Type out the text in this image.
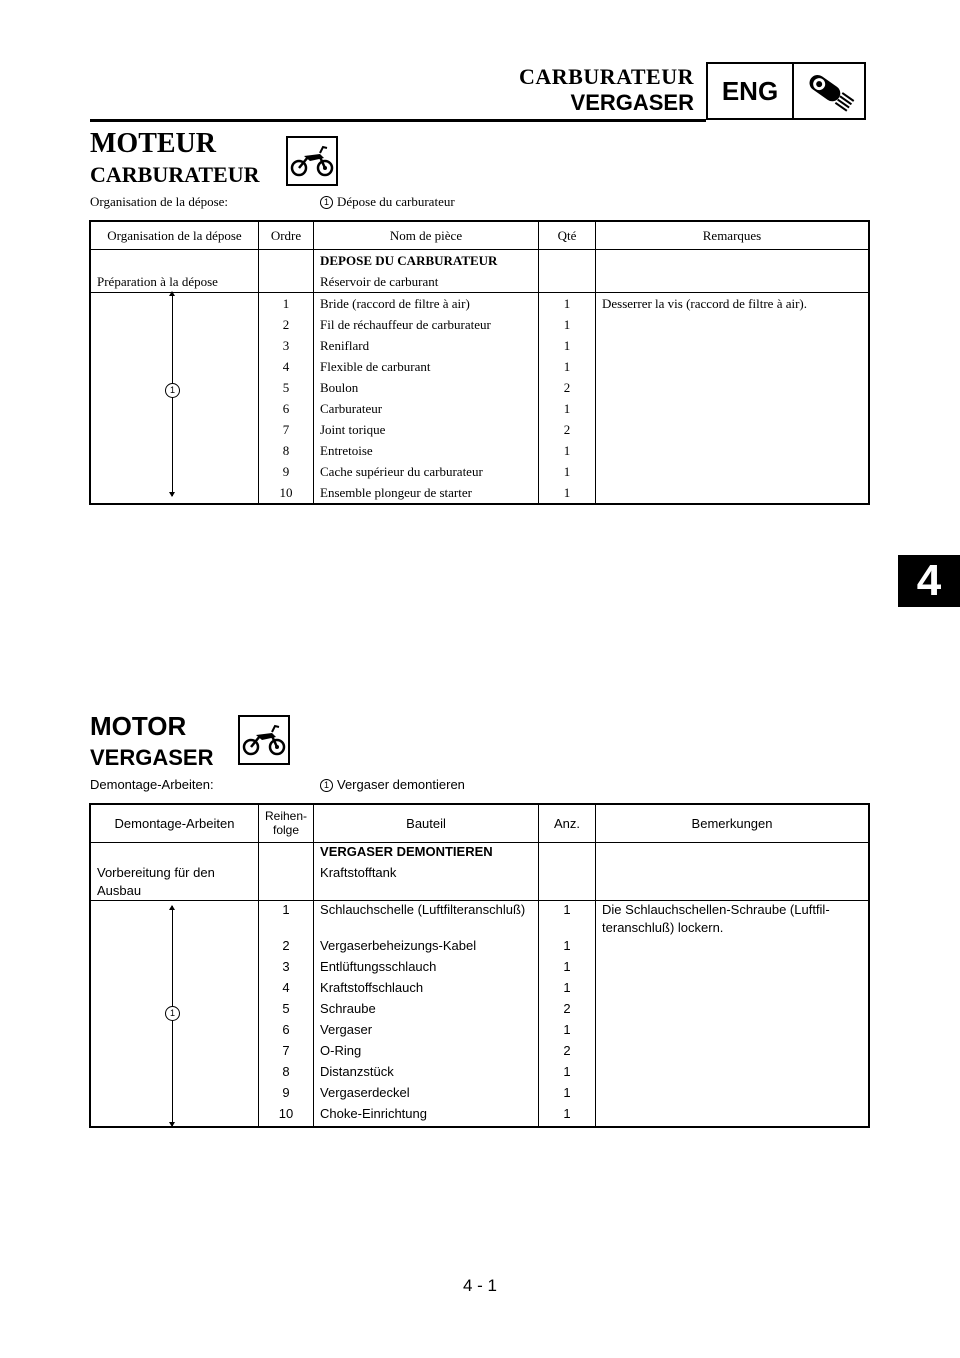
CARBURATEUR
VERGASER	ENG
4
MOTEUR
CARBURATEUR
Organisation de la dépose:	1 Dépose du carburateur
Organisation de la dépose	Ordre	Nom de pièce	Qté	Remarques
		DEPOSE DU CARBURATEUR		
Préparation à la dépose		Réservoir de carburant		
	1	Bride (raccord de filtre à air)	1	Desserrer la vis (raccord de filtre à air).
	2	Fil de réchauffeur de carburateur	1	
	3	Reniflard	1	
	4	Flexible de carburant	1	
	5	Boulon	2	
	6	Carburateur	1	
	7	Joint torique	2	
	8	Entretoise	1	
	9	Cache supérieur du carburateur	1	
	10	Ensemble plongeur de starter	1	
1
MOTOR
VERGASER
Demontage-Arbeiten:	1 Vergaser demontieren
Demontage-Arbeiten	Reihen-folge	Bauteil	Anz.	Bemerkungen
		VERGASER DEMONTIEREN		
Vorbereitung für den Ausbau		Kraftstofftank		
	1	Schlauchschelle (Luftfilteranschluß)	1	Die Schlauchschellen-Schraube (Luftfil-teranschluß) lockern.
	2	Vergaserbeheizungs-Kabel	1	
	3	Entlüftungsschlauch	1	
	4	Kraftstoffschlauch	1	
	5	Schraube	2	
	6	Vergaser	1	
	7	O-Ring	2	
	8	Distanzstück	1	
	9	Vergaserdeckel	1	
	10	Choke-Einrichtung	1	
1
4 - 1
